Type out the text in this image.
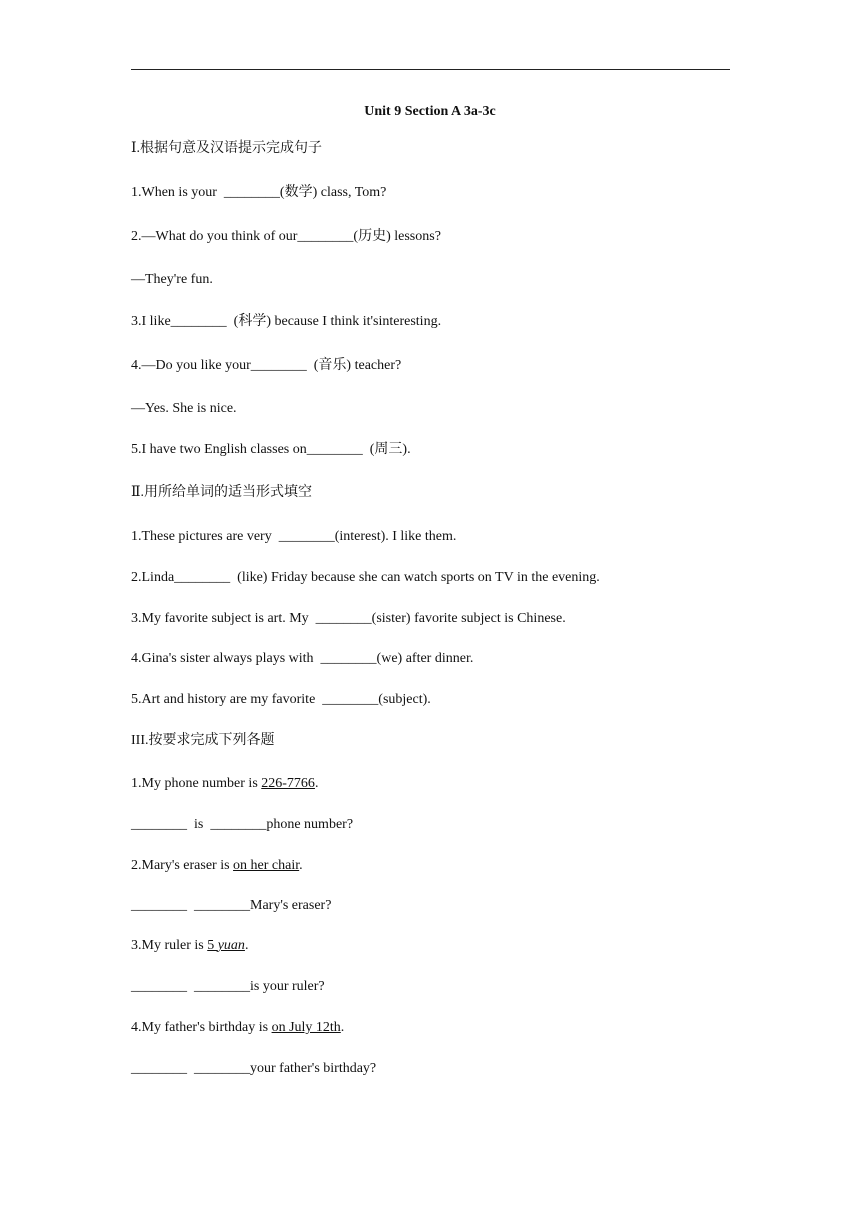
Unit 9 Section A 3a-3c
Ⅰ.根据句意及汉语提示完成句子
1.When is your  ________(数学) class, Tom?
2.—What do you think of our________(历史) lessons?
—They're fun.
3.I like________  (科学) because I think it'sinteresting.
4.—Do you like your________  (音乐) teacher?
—Yes. She is nice.
5.I have two English classes on________  (周三).
Ⅱ.用所给单词的适当形式填空
1.These pictures are very  ________(interest). I like them.
2.Linda________  (like) Friday because she can watch sports on TV in the evening.
3.My favorite subject is art. My  ________(sister) favorite subject is Chinese.
4.Gina's sister always plays with  ________(we) after dinner.
5.Art and history are my favorite  ________(subject).
III.按要求完成下列各题
1.My phone number is 226-7766.
________  is  ________phone number?
2.Mary's eraser is on her chair.
________  ________Mary's eraser?
3.My ruler is 5 yuan.
________  ________is your ruler?
4.My father's birthday is on July 12th.
________  ________your father's birthday?
